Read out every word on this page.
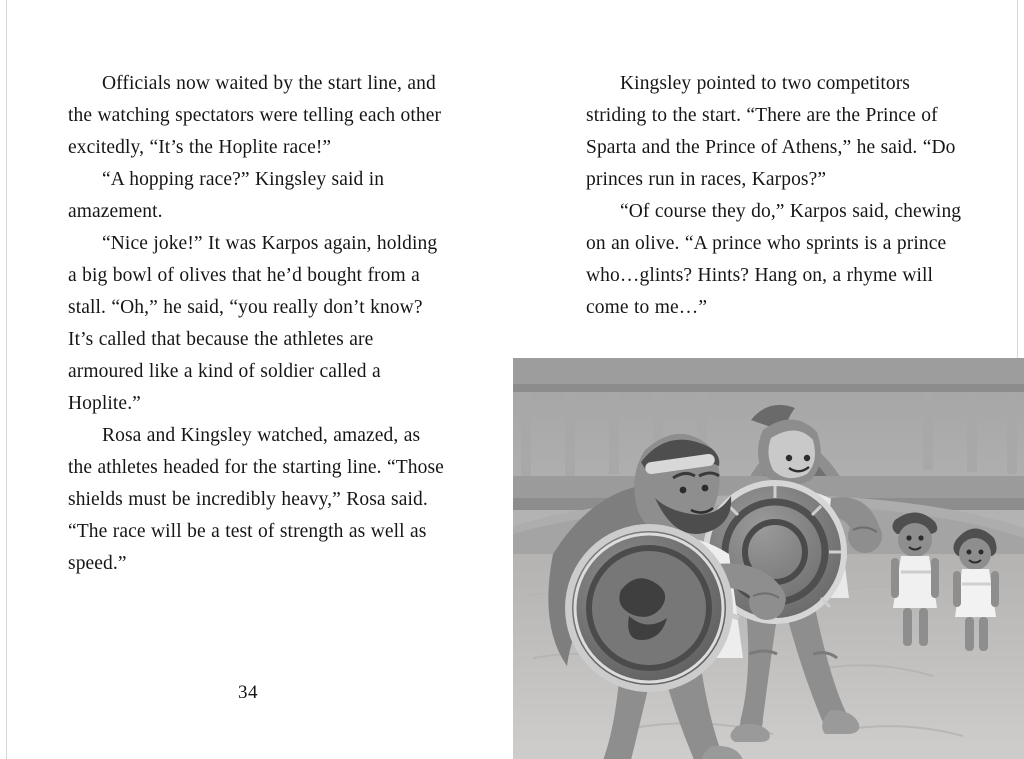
Officials now waited by the start line, and the watching spectators were telling each other excitedly, “It’s the Hoplite race!”

“A hopping race?” Kingsley said in amazement.

“Nice joke!” It was Karpos again, holding a big bowl of olives that he’d bought from a stall. “Oh,” he said, “you really don’t know? It’s called that because the athletes are armoured like a kind of soldier called a Hoplite.”

Rosa and Kingsley watched, amazed, as the athletes headed for the starting line. “Those shields must be incredibly heavy,” Rosa said. “The race will be a test of strength as well as speed.”

Kingsley pointed to two competitors striding to the start. “There are the Prince of Sparta and the Prince of Athens,” he said. “Do princes run in races, Karpos?”

“Of course they do,” Karpos said, chewing on an olive. “A prince who sprints is a prince who…glints? Hints? Hang on, a rhyme will come to me…”

34
